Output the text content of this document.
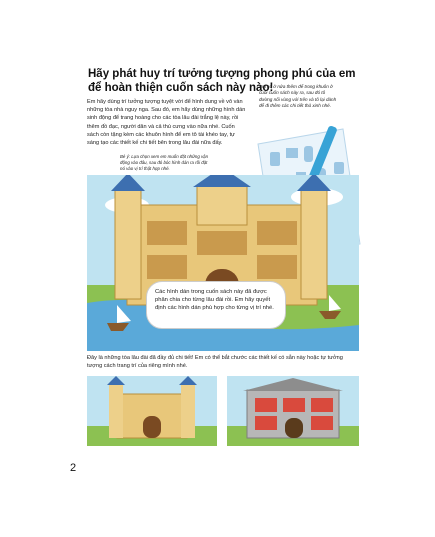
Hãy phát huy trí tưởng tượng phong phú của em để hoàn thiện cuốn sách này nào!
Em hãy dùng trí tưởng tượng tuyệt vời để hình dung về vô vàn những tòa nhà nguy nga. Sau đó, em hãy dùng những hình dán sinh động để trang hoàng cho các tòa lâu đài trắng lệ này, rồi thêm đồ đạc, người dân và cả thú cưng vào nữa nhé. Cuốn sách còn tặng kèm các khuôn hình để em tô tài khéo tay, tự sáng tạo các thiết kế chi tiết bên trong lâu đài nữa đấy.
Em có ở nửa thêm để trong khuôn ở cuối cuốn sách này ra, sau đó tô đường nối vùng với trên và tô lại dành để đi thêm các chi tiết thủ xinh nhé.
Bé ý: Lựa chọn xem em muốn đặt những vận động vào đâu, sau đó bóc hình dán ra rồi đặt nó vào vị trí thật hợp nhé.
Các hình dán trong cuốn sách này đã được phân chia cho từng lâu đài rồi. Em hãy quyết định các hình dán phù hợp cho từng vị trí nhé.
Đây là những tòa lâu đài đã đầy đủ chi tiết! Em có thể bắt chước các thiết kế có sẵn này hoặc tự tưởng tượng cách trang trí của riêng mình nhé.
2
